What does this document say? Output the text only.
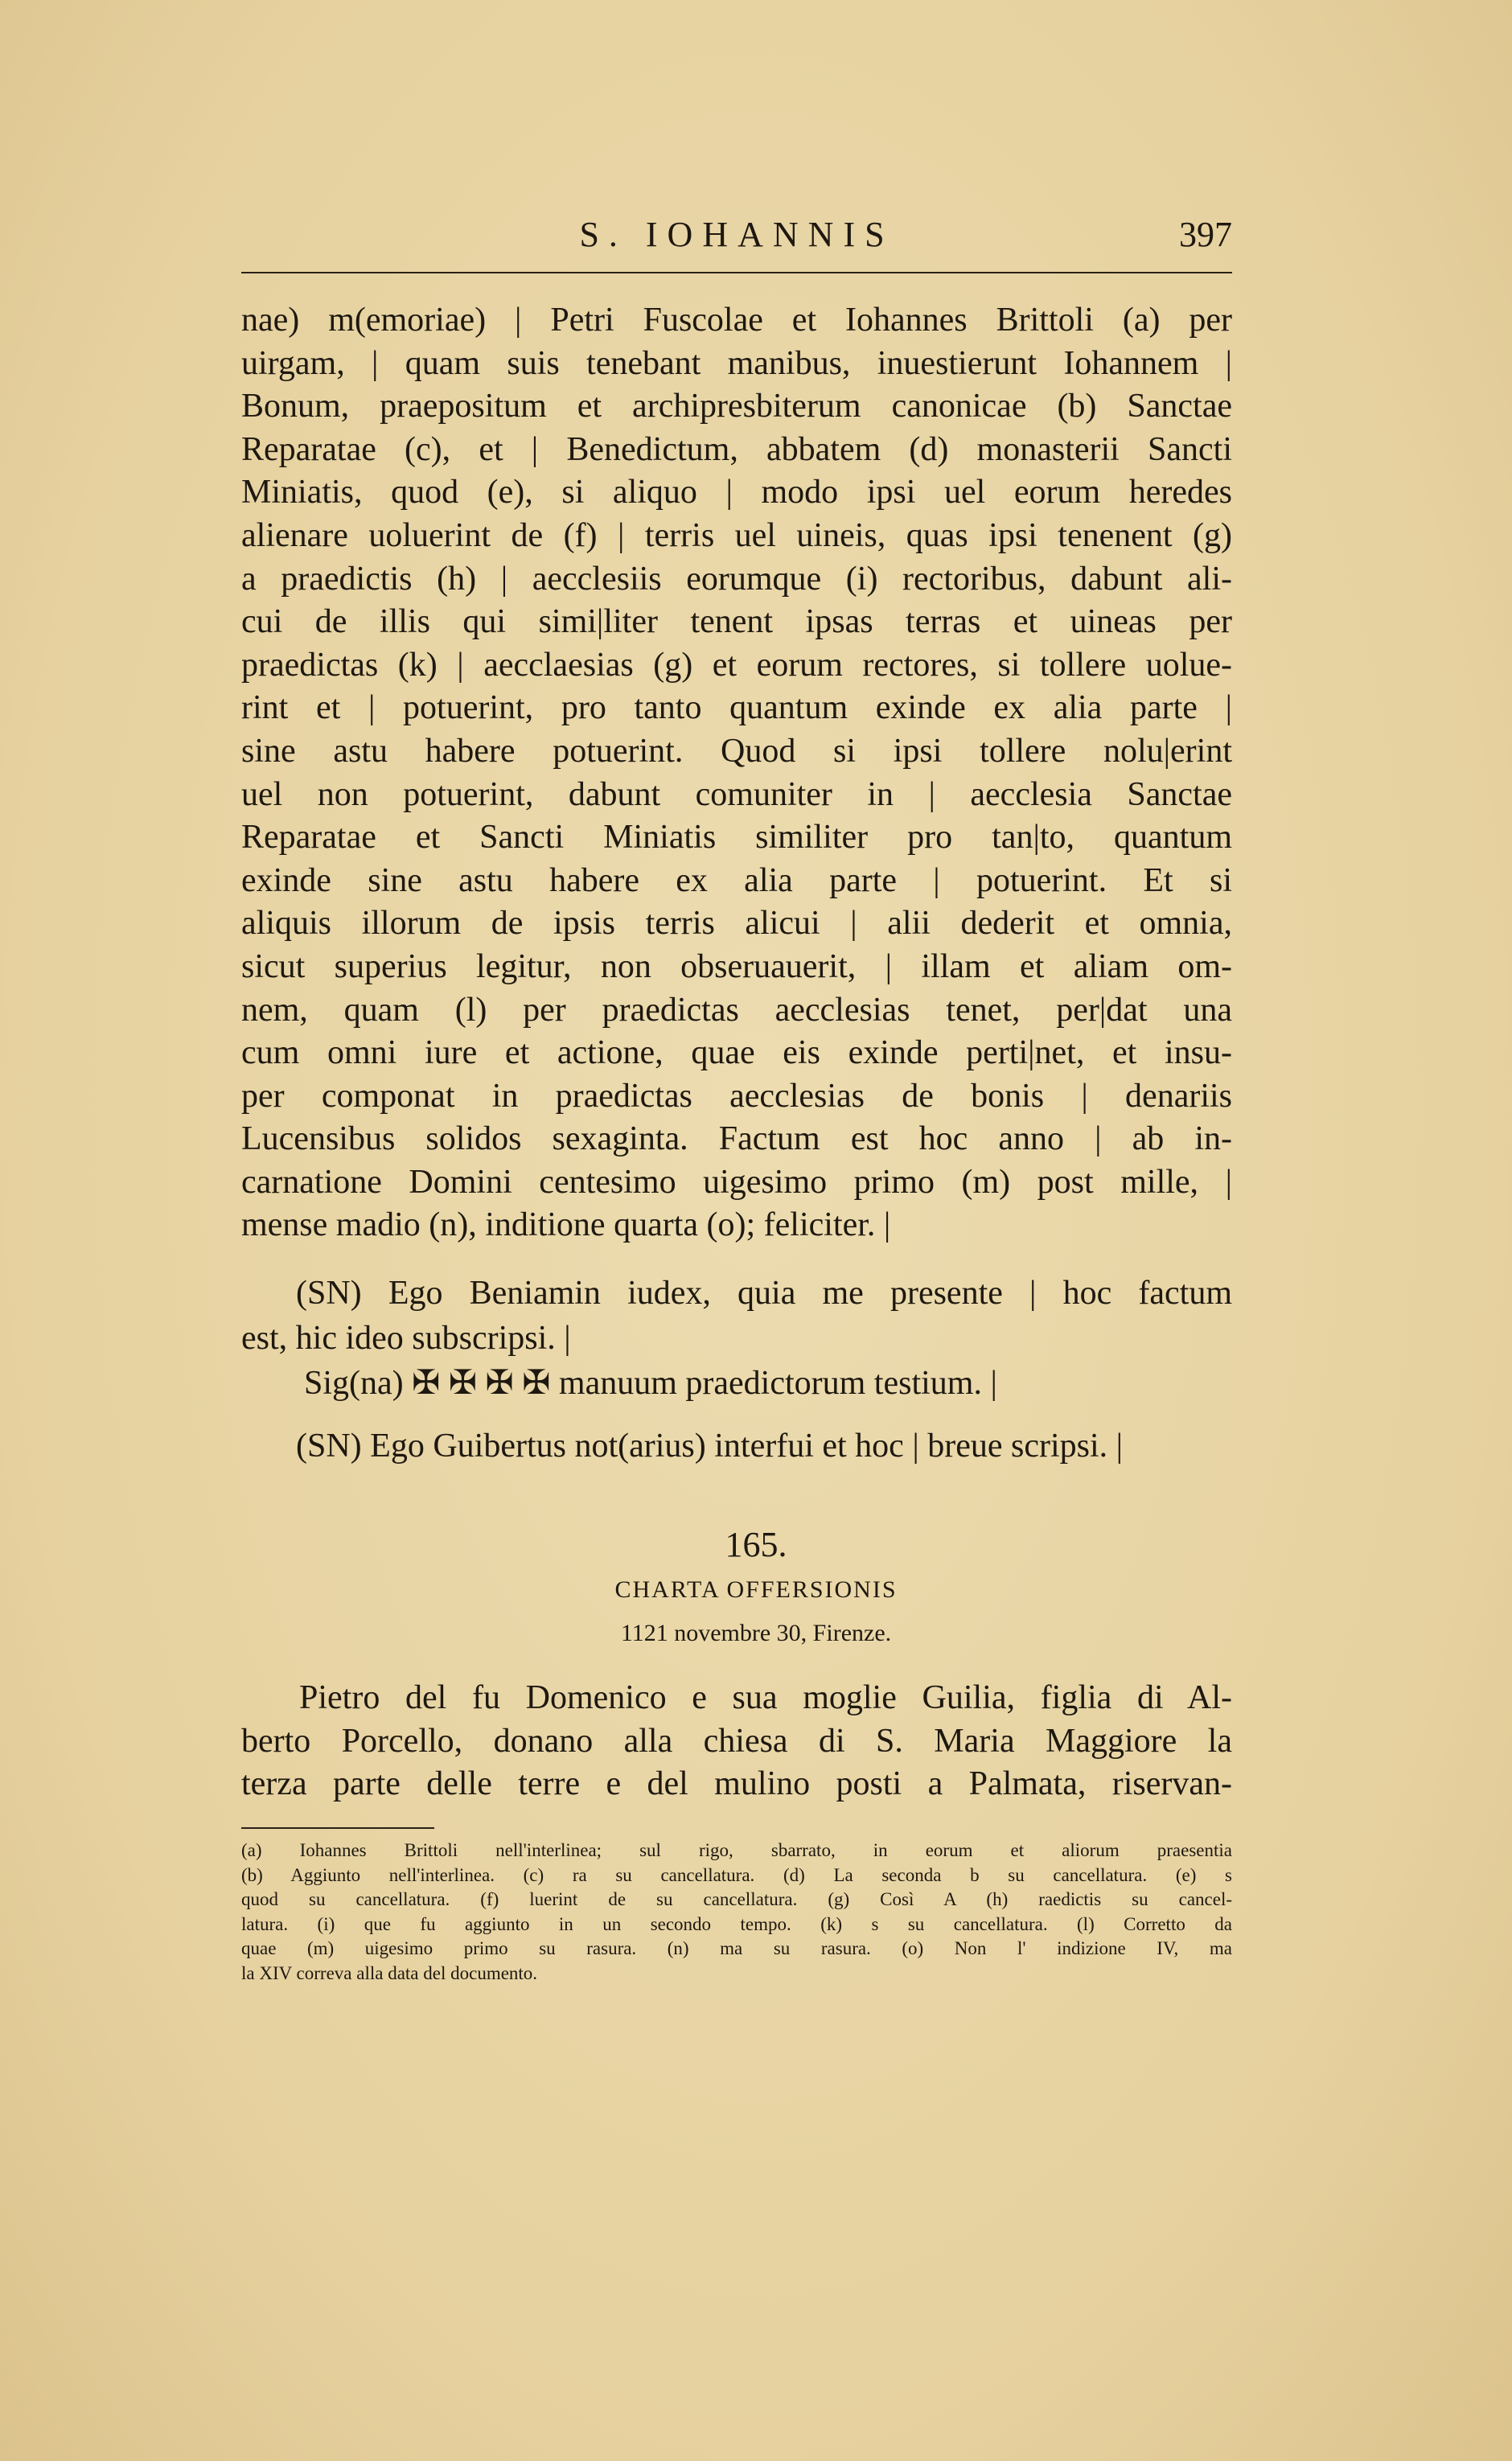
S. IOHANNIS	397
nae) m(emoriae) | Petri Fuscolae et Iohannes Brittoli (a) per
uirgam, | quam suis tenebant manibus, inuestierunt Iohannem |
Bonum, praepositum et archipresbiterum canonicae (b) Sanctae
Reparatae (c), et | Benedictum, abbatem (d) monasterii Sancti
Miniatis, quod (e), si aliquo | modo ipsi uel eorum heredes
alienare uoluerint de (f) | terris uel uineis, quas ipsi tenenent (g)
a praedictis (h) | aecclesiis eorumque (i) rectoribus, dabunt ali-
cui de illis qui simi|liter tenent ipsas terras et uineas per
praedictas (k) | aecclaesias (g) et eorum rectores, si tollere uolue-
rint et | potuerint, pro tanto quantum exinde ex alia parte |
sine astu habere potuerint. Quod si ipsi tollere nolu|erint
uel non potuerint, dabunt comuniter in | aecclesia Sanctae
Reparatae et Sancti Miniatis similiter pro tan|to, quantum
exinde sine astu habere ex alia parte | potuerint. Et si
aliquis illorum de ipsis terris alicui | alii dederit et omnia,
sicut superius legitur, non obseruauerit, | illam et aliam om-
nem, quam (l) per praedictas aecclesias tenet, per|dat una
cum omni iure et actione, quae eis exinde perti|net, et insu-
per componat in praedictas aecclesias de bonis | denariis
Lucensibus solidos sexaginta. Factum est hoc anno | ab in-
carnatione Domini centesimo uigesimo primo (m) post mille, |
mense madio (n), inditione quarta (o); feliciter. |
(SN) Ego Beniamin iudex, quia me presente | hoc factum
est, hic ideo subscripsi. |
Sig(na) ✠ ✠ ✠ ✠ manuum praedictorum testium. |
(SN) Ego Guibertus not(arius) interfui et hoc | breue scripsi. |
165.
CHARTA OFFERSIONIS
1121 novembre 30, Firenze.
Pietro del fu Domenico e sua moglie Guilia, figlia di Al-
berto Porcello, donano alla chiesa di S. Maria Maggiore la
terza parte delle terre e del mulino posti a Palmata, riservan-
(a) Iohannes Brittoli nell'interlinea; sul rigo, sbarrato, in eorum et aliorum praesentia
(b) Aggiunto nell'interlinea. (c) ra su cancellatura. (d) La seconda b su cancellatura. (e) s
quod su cancellatura. (f) luerint de su cancellatura. (g) Così A (h) raedictis su cancel-
latura. (i) que fu aggiunto in un secondo tempo. (k) s su cancellatura. (l) Corretto da
quae (m) uigesimo primo su rasura. (n) ma su rasura. (o) Non l' indizione IV, ma
la XIV correva alla data del documento.
